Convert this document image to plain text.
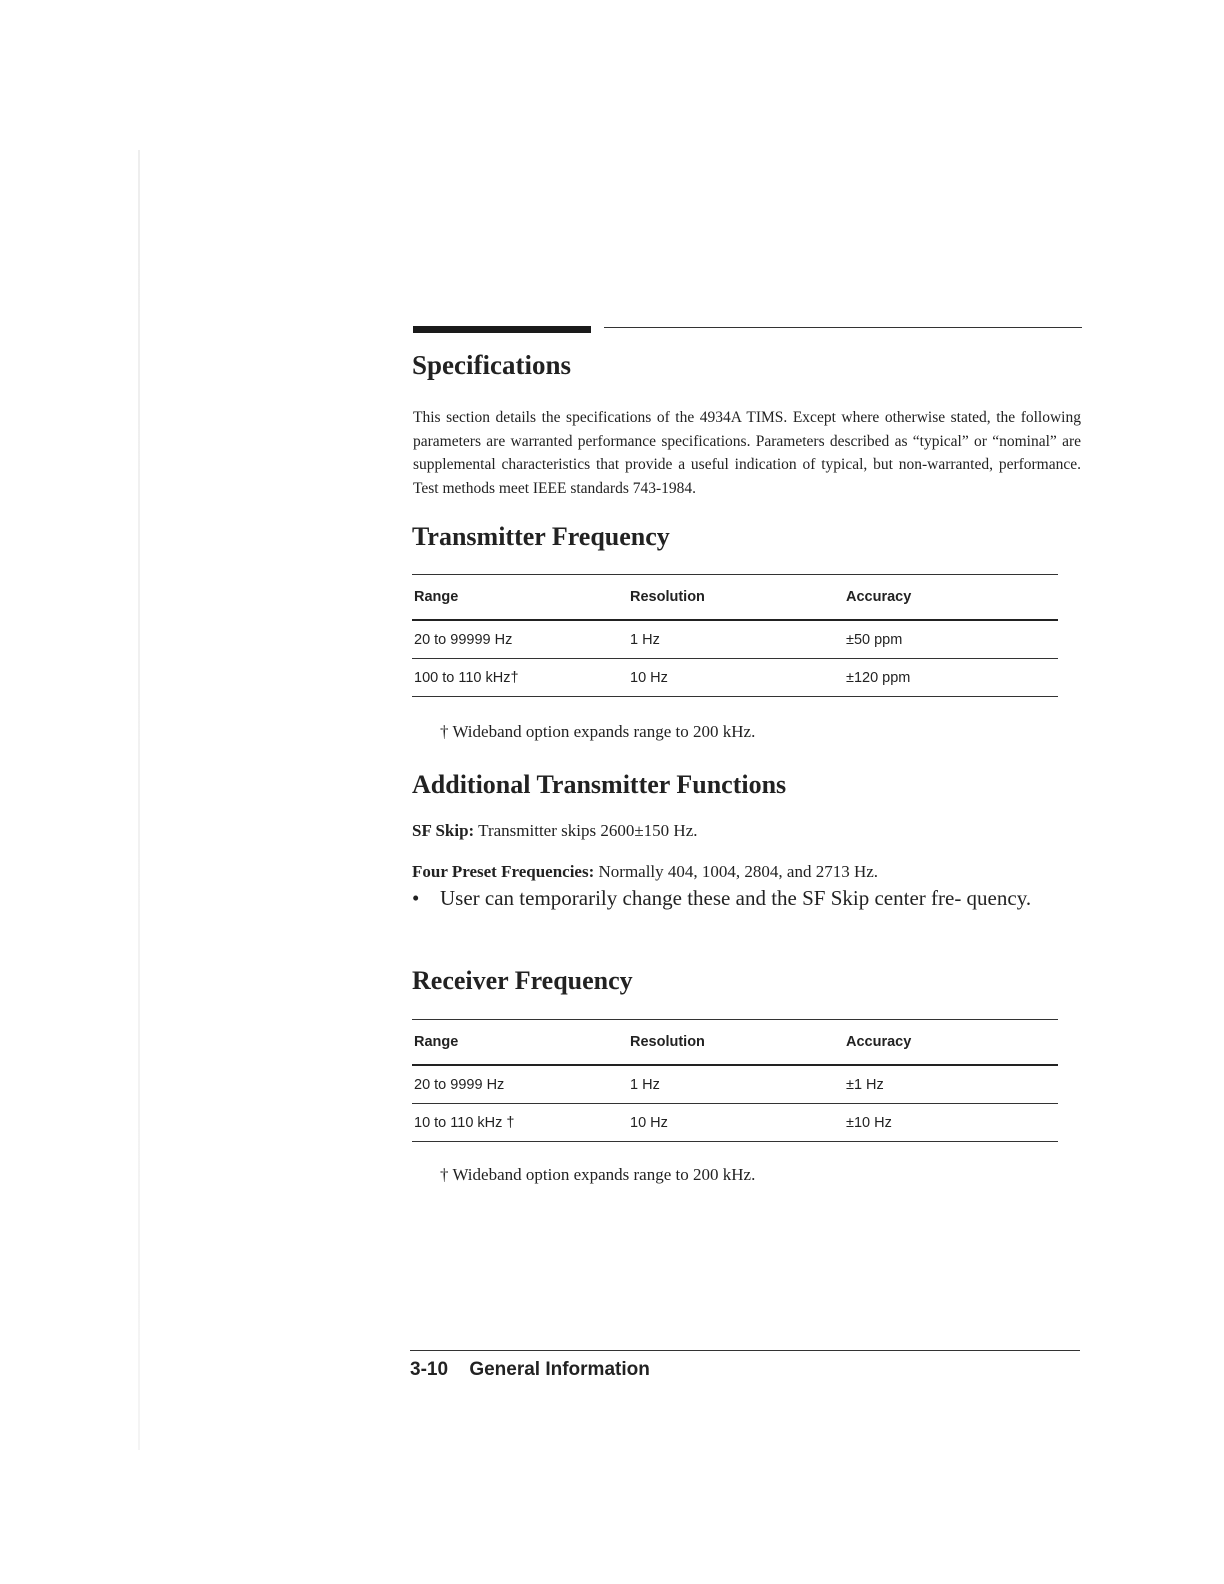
Specifications

This section details the specifications of the 4934A TIMS. Except where otherwise stated, the following parameters are warranted performance specifications. Parameters described as “typical” or “nominal” are supplemental characteristics that provide a useful indication of typical, but non-warranted, performance. Test methods meet IEEE standards 743-1984.

Transmitter Frequency
Range	Resolution	Accuracy
20 to 99999 Hz	1 Hz	±50 ppm
100 to 110 kHz†	10 Hz	±120 ppm

† Wideband option expands range to 200 kHz.

Additional Transmitter Functions

SF Skip: Transmitter skips 2600±150 Hz.

Four Preset Frequencies: Normally 404, 1004, 2804, and 2713 Hz.

• User can temporarily change these and the SF Skip center fre- quency.
Receiver Frequency
Range	Resolution	Accuracy
20 to 9999 Hz	1 Hz	±1 Hz
10 to 110 kHz †	10 Hz	±10 Hz

† Wideband option expands range to 200 kHz.

3-10 General Information
